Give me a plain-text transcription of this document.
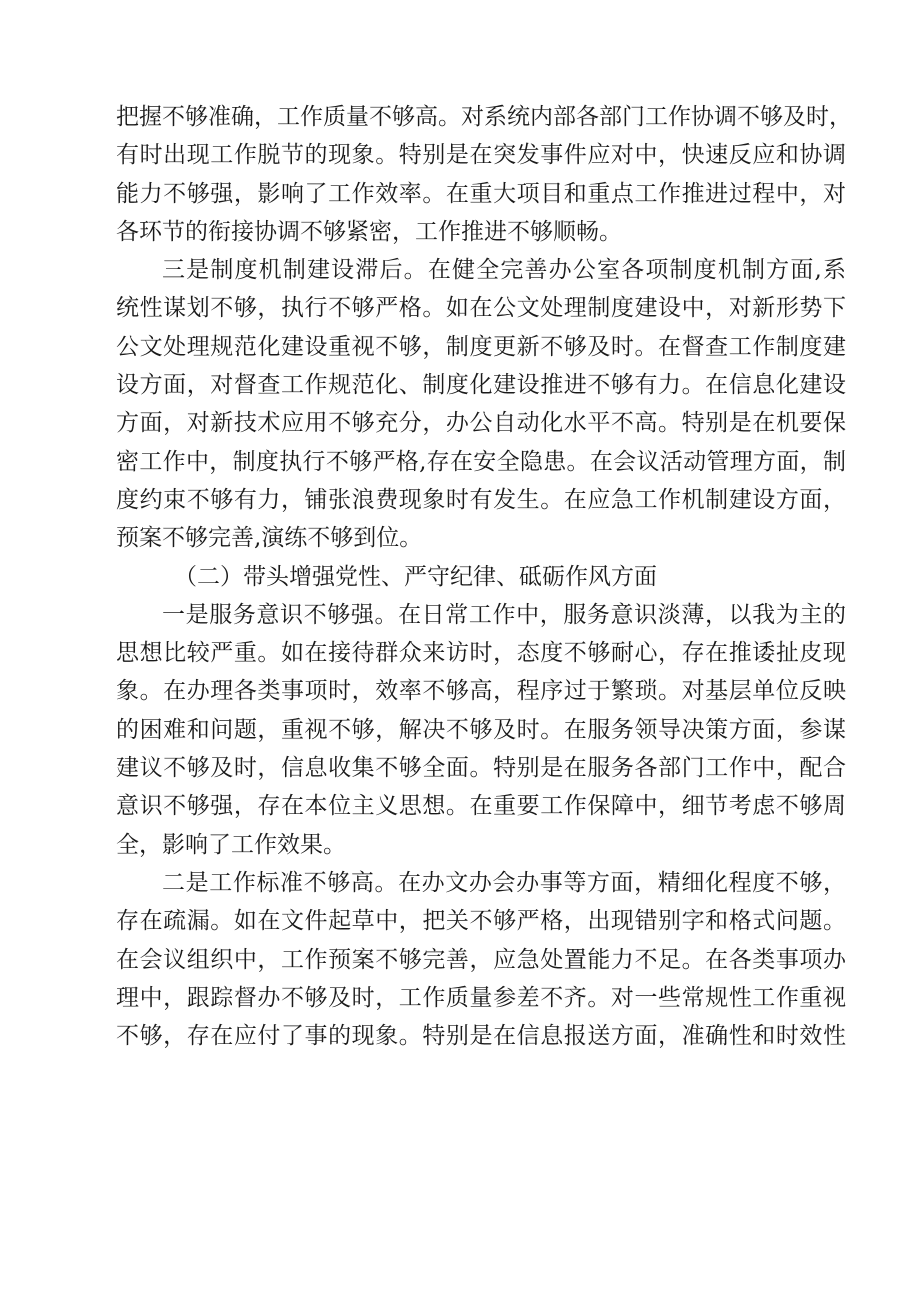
把握不够准确，工作质量不够高。对系统内部各部门工作协调不够及时，
有时出现工作脱节的现象。特别是在突发事件应对中，快速反应和协调
能力不够强，影响了工作效率。在重大项目和重点工作推进过程中，对
各环节的衔接协调不够紧密，工作推进不够顺畅。
三是制度机制建设滞后。在健全完善办公室各项制度机制方面,系
统性谋划不够，执行不够严格。如在公文处理制度建设中，对新形势下
公文处理规范化建设重视不够，制度更新不够及时。在督查工作制度建
设方面，对督查工作规范化、制度化建设推进不够有力。在信息化建设
方面，对新技术应用不够充分，办公自动化水平不高。特别是在机要保
密工作中，制度执行不够严格,存在安全隐患。在会议活动管理方面，制
度约束不够有力，铺张浪费现象时有发生。在应急工作机制建设方面，
预案不够完善,演练不够到位。
（二）带头增强党性、严守纪律、砥砺作风方面
一是服务意识不够强。在日常工作中，服务意识淡薄，以我为主的
思想比较严重。如在接待群众来访时，态度不够耐心，存在推诿扯皮现
象。在办理各类事项时，效率不够高，程序过于繁琐。对基层单位反映
的困难和问题，重视不够，解决不够及时。在服务领导决策方面，参谋
建议不够及时，信息收集不够全面。特别是在服务各部门工作中，配合
意识不够强，存在本位主义思想。在重要工作保障中，细节考虑不够周
全，影响了工作效果。
二是工作标准不够高。在办文办会办事等方面，精细化程度不够，
存在疏漏。如在文件起草中，把关不够严格，出现错别字和格式问题。
在会议组织中，工作预案不够完善，应急处置能力不足。在各类事项办
理中，跟踪督办不够及时，工作质量参差不齐。对一些常规性工作重视
不够，存在应付了事的现象。特别是在信息报送方面，准确性和时效性
